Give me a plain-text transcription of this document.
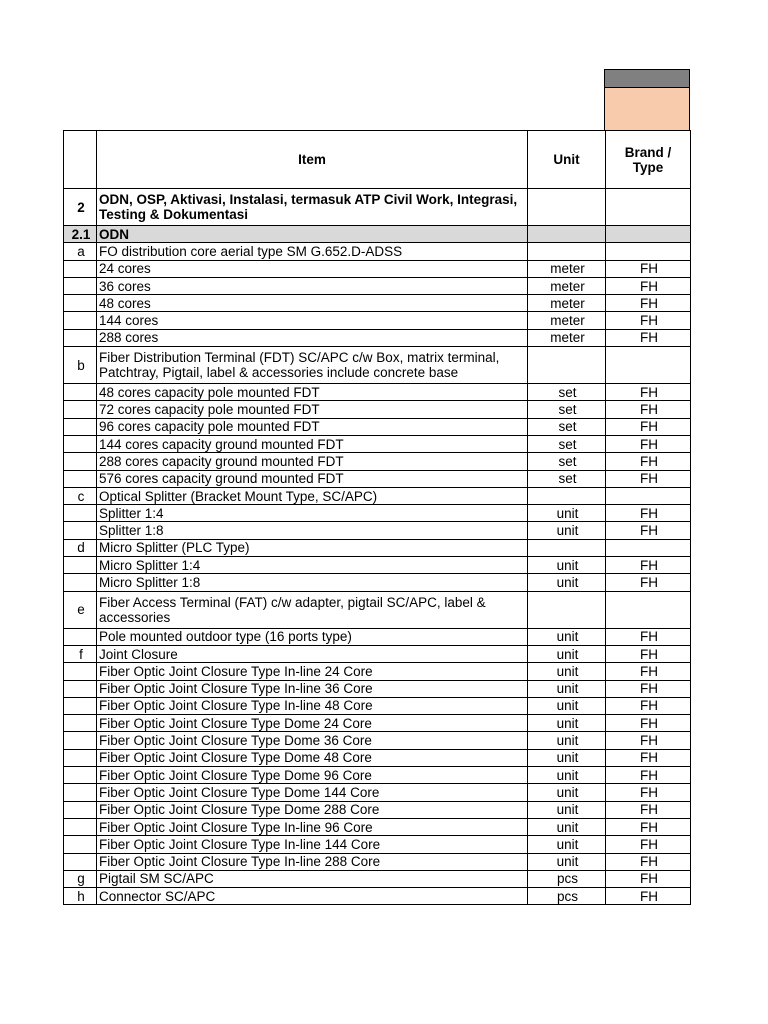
	Item	Unit	Brand / Type
2	ODN, OSP, Aktivasi, Instalasi, termasuk ATP Civil Work, Integrasi, Testing & Dokumentasi		
2.1	ODN		
a	FO distribution core aerial type SM G.652.D-ADSS		
	24 cores	meter	FH
	36 cores	meter	FH
	48 cores	meter	FH
	144 cores	meter	FH
	288 cores	meter	FH
b	Fiber Distribution Terminal (FDT) SC/APC c/w Box, matrix terminal, Patchtray, Pigtail, label & accessories include concrete base		
	48 cores capacity pole mounted FDT	set	FH
	72 cores capacity pole mounted FDT	set	FH
	96 cores capacity pole mounted FDT	set	FH
	144 cores capacity ground mounted FDT	set	FH
	288 cores capacity ground mounted FDT	set	FH
	576 cores capacity ground mounted FDT	set	FH
c	Optical Splitter (Bracket Mount Type, SC/APC)		
	Splitter 1:4	unit	FH
	Splitter 1:8	unit	FH
d	Micro Splitter (PLC Type)		
	Micro Splitter 1:4	unit	FH
	Micro Splitter 1:8	unit	FH
e	Fiber Access Terminal (FAT) c/w adapter, pigtail SC/APC, label & accessories		
	Pole mounted outdoor type (16 ports type)	unit	FH
f	Joint Closure	unit	FH
	Fiber Optic Joint Closure Type In-line 24 Core	unit	FH
	Fiber Optic Joint Closure Type In-line 36 Core	unit	FH
	Fiber Optic Joint Closure Type In-line 48 Core	unit	FH
	Fiber Optic Joint Closure Type Dome 24 Core	unit	FH
	Fiber Optic Joint Closure Type Dome 36 Core	unit	FH
	Fiber Optic Joint Closure Type Dome 48 Core	unit	FH
	Fiber Optic Joint Closure Type Dome 96 Core	unit	FH
	Fiber Optic Joint Closure Type Dome 144 Core	unit	FH
	Fiber Optic Joint Closure Type Dome 288 Core	unit	FH
	Fiber Optic Joint Closure Type In-line 96 Core	unit	FH
	Fiber Optic Joint Closure Type In-line 144 Core	unit	FH
	Fiber Optic Joint Closure Type In-line 288 Core	unit	FH
g	Pigtail SM SC/APC	pcs	FH
h	Connector SC/APC	pcs	FH
